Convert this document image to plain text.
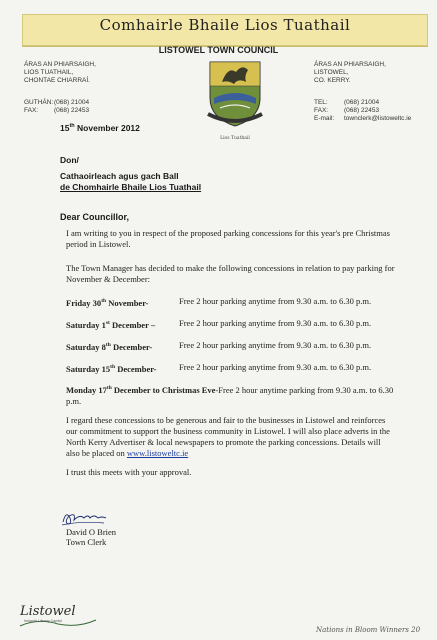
Comhairle Bhaile Lios Tuathail
LISTOWEL TOWN COUNCIL
ÁRAS AN PHIARSAIGH,
LIOS TUATHAIL,
CHONTAE CHIARRAÍ.
ÁRAS AN PHIARSAIGH,
LISTOWEL,
CO. KERRY.
GUTHÁN:(068) 21004
FAX: (068) 22453
TEL:	(068) 21004
FAX: (068) 22453
E-mail: townclerk@listoweltc.ie
Lios Tuathail
15th November 2012
Don/
Cathaoirleach agus gach Ball
de Chomhairle Bhaile Lios Tuathail
Dear Councillor,
I am writing to you in respect of the proposed parking concessions for this year's pre Christmas period in Listowel.
The Town Manager has decided to make the following concessions in relation to pay parking for November & December:
Friday 30th November-	Free 2 hour parking anytime from 9.30 a.m. to 6.30 p.m.
Saturday 1st December –	Free 2 hour parking anytime from 9.30 a.m. to 6.30 p.m.
Saturday 8th December-	Free 2 hour parking anytime from 9.30 a.m. to 6.30 p.m.
Saturday 15th December-	Free 2 hour parking anytime from 9.30 a.m. to 6.30 p.m.
Monday 17th December to Christmas Eve-Free 2 hour anytime parking from 9.30 a.m. to 6.30 p.m.
I regard these concessions to be generous and fair to the businesses in Listowel and reinforces our commitment to support the business community in Listowel. I will also place adverts in the North Kerry Advertiser & local newspapers to promote the parking concessions. Details will also be placed on www.listoweltc.ie
I trust this meets with your approval.
David O Brien
Town Clerk
Listowel
Ireland's Literary Capital
Nations in Bloom Winners 20
